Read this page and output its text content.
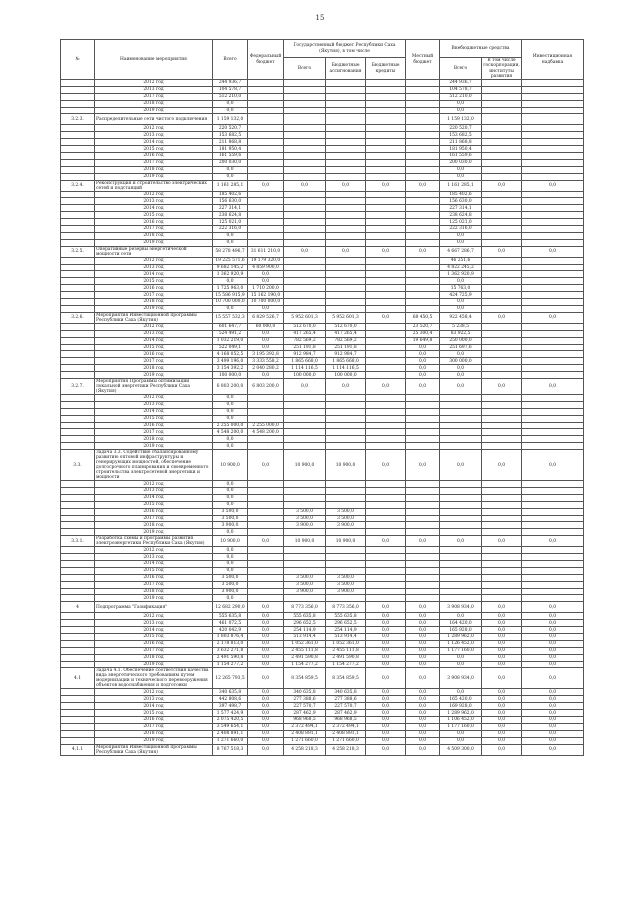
15
№	Наименование мероприятия	Всего	Федеральный бюджет	Государственный бюджет Республики Саха (Якутия), в том числе			Местный бюджет	Внебюджетные средства		Инвестиционная надбавка
				Всего	Бюджетные ассигнования	Бюджетные кредиты		Всего	В том числе госкорпорации, институты развития	
	2012 год	244 936,7						244 936,7		
	2013 год	104 578,7						104 578,7		
	2017 год	512 210,0						512 210,0		
	2018 год	0,0						0,0		
	2019 год	0,0						0,0		
3.2.3.	Распределительные сети чистого подключения	1 159 132,0						1 159 132,0		
	2012 год	220 520,7						220 520,7		
	2013 год	153 682,5						153 682,5		
	2014 год	211 868,8						211 868,8		
	2015 год	181 950,4						181 950,4		
	2016 год	161 559,6						161 559,6		
	2017 год	200 030,0						200 030,0		
	2018 год	0,0						0,0		
	2019 год	0,0						0,0		
3.2.4.	Реконструкция и строительство электрических сетей и подстанций	1 161 285,1	0,0	0,0	0,0	0,0	0,0	1 161 285,1	0,0	0,0
	2012 год	185 402,6						185 402,6		
	2013 год	156 630,0						156 630,0		
	2014 год	227 314,1						227 314,1		
	2015 год	238 624,8						238 624,8		
	2016 год	125 021,0						125 021,0		
	2017 год	222 316,0						222 316,0		
	2018 год	0,0						0,0		
	2019 год	0,0						0,0		
3.2.5.	Оперативные резервы энергетической мощности сети	58 278 496,7	31 611 210,0	0,0	0,0	0,0	0,0	4 667 286,7	0,0	0,0
	2012 год	19 225 571,6	19 179 320,0					46 251,6		
	2013 год	9 682 145,2	4 859 900,0					4 822 245,2		
	2014 год	1 362 920,9	0,0					1 362 920,9		
	2015 год	0,0	0,0					0,0		
	2016 год	1 725 963,0	1 710 200,0					15 763,0		
	2017 год	15 586 915,9	15 162 190,0					424 725,9		
	2018 год	10 700 000,0	10 700 000,0					0,0		
	2019 год	0,0	0,0					0,0		
3.2.6.	Мероприятия Инвестиционной программы Республики Саха (Якутия)	15 557 532,3	6 829 526,7	5 952 601,3	5 952 601,3	0,0	68 450,5	922 458,4	0,0	0,0
	2012 год	601 647,7	60 000,0	512 670,0	512 670,0		23 520,7	5 238,5		
	2013 год	524 491,2	0,0	417 265,4	417 265,4		25 300,4	83 922,5		
	2014 год	1 032 219,0	0,0	782 569,2	782 569,2		19 649,8	250 000,0		
	2015 год	522 049,1	0,0	251 191,8	251 191,8		0,0	251 697,6		
	2016 год	4 168 052,5	3 195 392,8	912 984,7	912 984,7		0,0	0,0		
	2017 год	3 499 196,0	3 333 558,2	1 865 668,0	1 865 668,0		0,0	300 000,0		
	2018 год	3 154 392,2	2 040 280,2	1 114 116,5	1 114 116,5		0,0	0,0		
	2019 год	100 000,0	0,0	100 000,0	100 000,0		0,0	0,0		
3.2.7.	Мероприятия Программы оптимизации локальной энергетики Республики Саха (Якутия)	6 803 200,0	6 803 200,0	0,0	0,0	0,0	0,0	0,0	0,0	0,0
	2012 год	0,0								
	2013 год	0,0								
	2014 год	0,0								
	2015 год	0,0								
	2016 год	2 255 000,0	2 255 000,0							
	2017 год	4 548 200,0	4 548 200,0							
	2018 год	0,0								
	2019 год	0,0								
3.3.	Задача 3.3. Содействие сбалансированному развитию оптовой инфраструктуры и генерирующих мощностей, обеспечение долгосрочного планирования и своевременного строительства электросетевой энергетики и мощности	10 900,0	0,0	10 900,0	10 900,0	0,0	0,0	0,0	0,0	0,0
	2012 год	0,0								
	2013 год	0,0								
	2014 год	0,0								
	2015 год	0,0								
	2016 год	3 500,0		3 500,0	3 500,0					
	2017 год	3 500,0		3 500,0	3 500,0					
	2018 год	3 900,0		3 900,0	3 900,0					
	2019 год	0,0								
3.3.1.	Разработка схемы и программы развития электроэнергетики Республики Саха (Якутия)	10 900,0	0,0	10 900,0	10 900,0	0,0	0,0	0,0	0,0	0,0
	2012 год	0,0								
	2013 год	0,0								
	2014 год	0,0								
	2015 год	0,0								
	2016 год	3 500,0		3 500,0	3 500,0					
	2017 год	3 500,0		3 500,0	3 500,0					
	2018 год	3 900,0		3 900,0	3 900,0					
	2019 год	0,0								
4	Подпрограмма "Газификация"	12 682 290,0	0,0	8 773 356,0	8 773 356,0	0,0	0,0	3 908 934,0	0,0	0,0
	2012 год	555 635,8	0,0	555 635,8	555 635,8	0,0	0,0	0,0	0,0	0,0
	2013 год	461 072,5	0,0	296 652,5	296 652,5	0,0	0,0	164 420,0	0,0	0,0
	2014 год	420 042,9	0,0	254 114,9	254 114,9	0,0	0,0	165 928,0	0,0	0,0
	2015 год	1 803 876,4	0,0	513 914,4	513 914,4	0,0	0,0	1 289 962,0	0,0	0,0
	2016 год	2 178 813,0	0,0	1 052 361,0	1 052 361,0	0,0	0,0	1 126 452,0	0,0	0,0
	2017 год	3 632 271,8	0,0	2 455 111,8	2 455 111,8	0,0	0,0	1 177 160,0	0,0	0,0
	2018 год	2 491 590,8	0,0	2 491 590,8	2 491 590,8	0,0	0,0	0,0	0,0	0,0
	2019 год	1 154 277,2	0,0	1 154 277,2	1 154 277,2	0,0	0,0	0,0	0,0	0,0
4.1	Задача 4.1. Обеспечение соответствия качества вида энергетического требованиям путем модернизации и технического перевооружения объектов водоснабжения и подготовки	12 265 793,5	0,0	8 354 859,5	8 354 859,5	0,0	0,0	3 908 934,0	0,0	0,0
	2012 год	340 635,8	0,0	340 635,8	340 635,8	0,0	0,0	0,0	0,0	0,0
	2013 год	442 808,6	0,0	277 388,6	277 388,6	0,0	0,0	165 420,0	0,0	0,0
	2014 год	397 498,7	0,0	227 570,7	227 570,7	0,0	0,0	169 928,0	0,0	0,0
	2015 год	1 577 424,9	0,0	287 462,9	287 462,9	0,0	0,0	1 289 962,0	0,0	0,0
	2016 год	2 075 420,5	0,0	968 968,5	968 968,5	0,0	0,0	1 106 452,0	0,0	0,0
	2017 год	3 549 654,1	0,0	2 372 494,1	2 372 494,1	0,0	0,0	1 177 160,0	0,0	0,0
	2018 год	2 408 891,1	0,0	2 408 891,1	2 408 891,1	0,0	0,0	0,0	0,0	0,0
	2019 год	1 271 660,0	0,0	1 271 660,0	1 271 660,0	0,0	0,0	0,0	0,0	0,0
4.1.1	Мероприятия Инвестиционной программы Республики Саха (Якутия)	8 767 518,3	0,0	4 258 218,3	4 258 218,3	0,0	0,0	4 509 300,0	0,0	0,0
